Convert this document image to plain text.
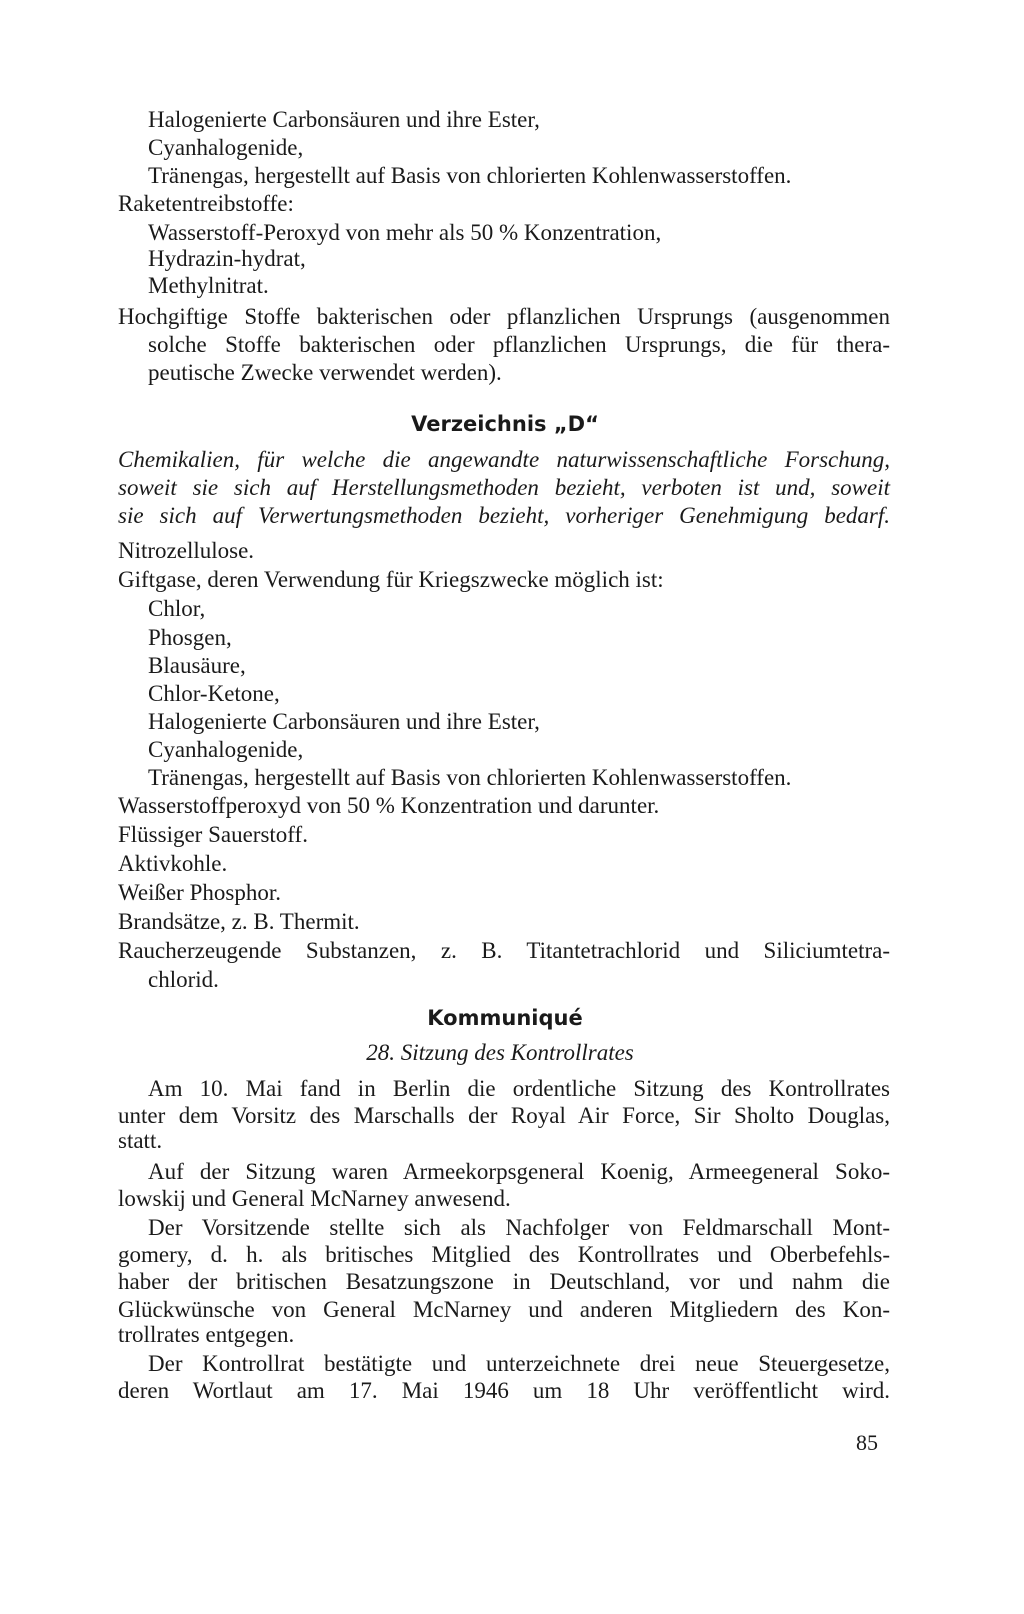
Halogenierte Carbonsäuren und ihre Ester,
Cyanhalogenide,
Tränengas, hergestellt auf Basis von chlorierten Kohlenwasserstoffen.
Raketentreibstoffe:
Wasserstoff-Peroxyd von mehr als 50 % Konzentration,
Hydrazin-hydrat,
Methylnitrat.
Hochgiftige Stoffe bakterischen oder pflanzlichen Ursprungs (ausgenommen
solche Stoffe bakterischen oder pflanzlichen Ursprungs, die für thera-
peutische Zwecke verwendet werden).
Verzeichnis „D“
Chemikalien, für welche die angewandte naturwissenschaftliche Forschung,
soweit sie sich auf Herstellungsmethoden bezieht, verboten ist und, soweit
sie sich auf Verwertungsmethoden bezieht, vorheriger Genehmigung bedarf.
Nitrozellulose.
Giftgase, deren Verwendung für Kriegszwecke möglich ist:
Chlor,
Phosgen,
Blausäure,
Chlor-Ketone,
Halogenierte Carbonsäuren und ihre Ester,
Cyanhalogenide,
Tränengas, hergestellt auf Basis von chlorierten Kohlenwasserstoffen.
Wasserstoffperoxyd von 50 % Konzentration und darunter.
Flüssiger Sauerstoff.
Aktivkohle.
Weißer Phosphor.
Brandsätze, z. B. Thermit.
Raucherzeugende Substanzen, z. B. Titantetrachlorid und Siliciumtetra-
chlorid.
Kommuniqué
28. Sitzung des Kontrollrates
Am 10. Mai fand in Berlin die ordentliche Sitzung des Kontrollrates
unter dem Vorsitz des Marschalls der Royal Air Force, Sir Sholto Douglas,
statt.
Auf der Sitzung waren Armeekorpsgeneral Koenig, Armeegeneral Soko-
lowskij und General McNarney anwesend.
Der Vorsitzende stellte sich als Nachfolger von Feldmarschall Mont-
gomery, d. h. als britisches Mitglied des Kontrollrates und Oberbefehls-
haber der britischen Besatzungszone in Deutschland, vor und nahm die
Glückwünsche von General McNarney und anderen Mitgliedern des Kon-
trollrates entgegen.
Der Kontrollrat bestätigte und unterzeichnete drei neue Steuergesetze,
deren Wortlaut am 17. Mai 1946 um 18 Uhr veröffentlicht wird.
85
